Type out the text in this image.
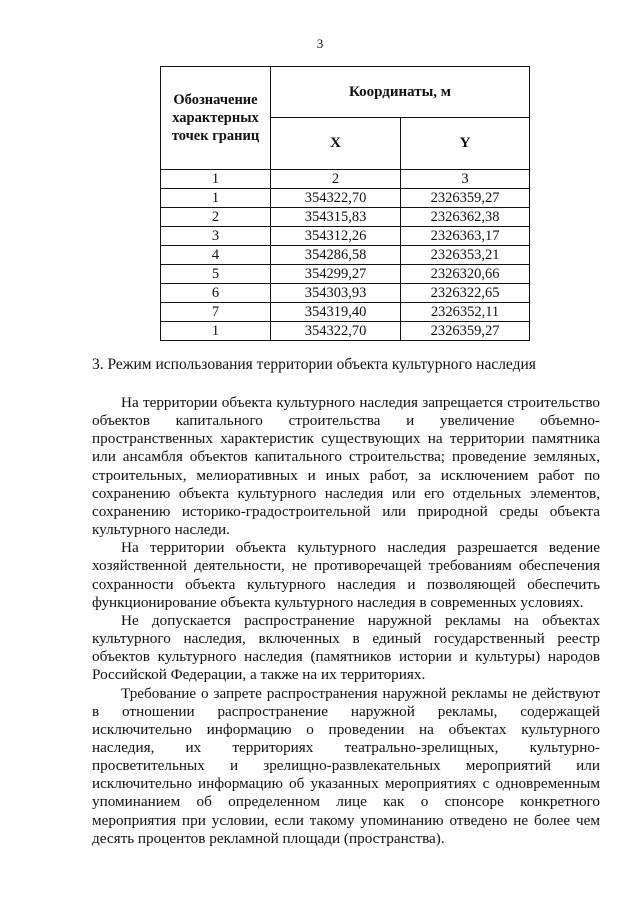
3
Обозначение характерных точек границ	Координаты, м	
	X	Y
1	2	3
1	354322,70	2326359,27
2	354315,83	2326362,38
3	354312,26	2326363,17
4	354286,58	2326353,21
5	354299,27	2326320,66
6	354303,93	2326322,65
7	354319,40	2326352,11
1	354322,70	2326359,27
3. Режим использования территории объекта культурного наследия

На территории объекта культурного наследия запрещается строительство объектов капитального строительства и увеличение объемно-пространственных характеристик существующих на территории памятника или ансамбля объектов капитального строительства; проведение земляных, строительных, мелиоративных и иных работ, за исключением работ по сохранению объекта культурного наследия или его отдельных элементов, сохранению историко-градостроительной или природной среды объекта культурного наследи.

На территории объекта культурного наследия разрешается ведение хозяйственной деятельности, не противоречащей требованиям обеспечения сохранности объекта культурного наследия и позволяющей обеспечить функционирование объекта культурного наследия в современных условиях.

Не допускается распространение наружной рекламы на объектах культурного наследия, включенных в единый государственный реестр объектов культурного наследия (памятников истории и культуры) народов Российской Федерации, а также на их территориях.

Требование о запрете распространения наружной рекламы не действуют в отношении распространение наружной рекламы, содержащей исключительно информацию о проведении на объектах культурного наследия, их территориях театрально-зрелищных, культурно-просветительных и зрелищно-развлекательных мероприятий или исключительно информацию об указанных мероприятиях с одновременным упоминанием об определенном лице как о спонсоре конкретного мероприятия при условии, если такому упоминанию отведено не более чем десять процентов рекламной площади (пространства).
